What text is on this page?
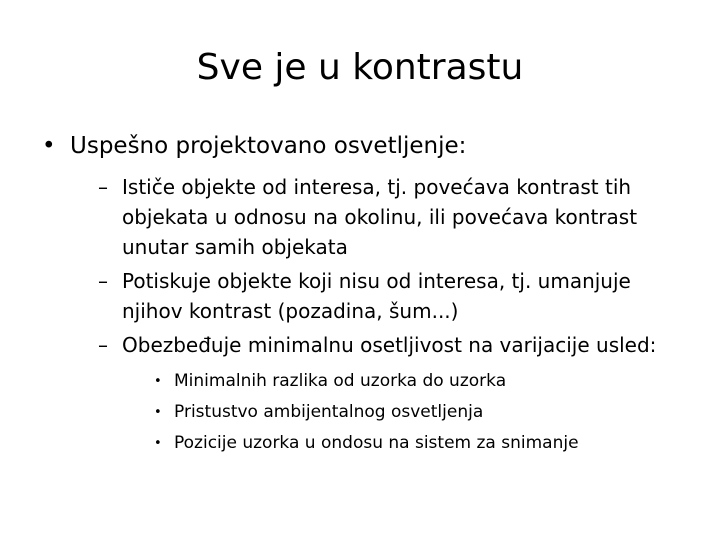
Sve je u kontrastu
• Uspešno projektovano osvetljenje:
– Ističe objekte od interesa, tj. povećava kontrast tih objekata u odnosu na okolinu, ili povećava kontrast unutar samih objekata
– Potiskuje objekte koji nisu od interesa, tj. umanjuje njihov kontrast (pozadina, šum...)
– Obezbeđuje minimalnu osetljivost na varijacije usled:
• Minimalnih razlika od uzorka do uzorka
• Pristustvo ambijentalnog osvetljenja
• Pozicije uzorka u ondosu na sistem za snimanje
